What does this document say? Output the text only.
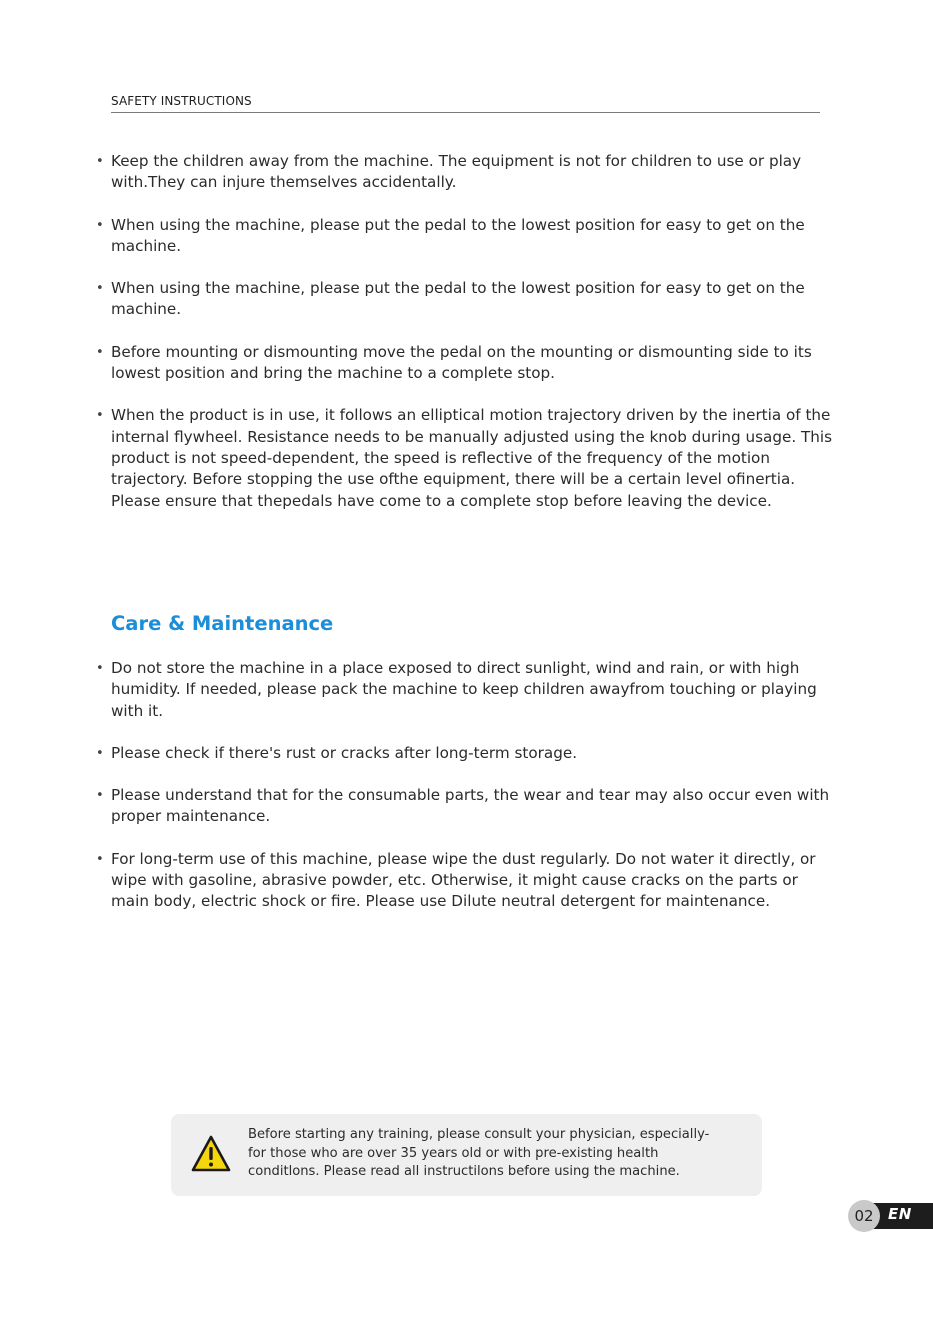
SAFETY INSTRUCTIONS
• Keep the children away from the machine. The equipment is not for children to use or play with.They can injure themselves accidentally.
• When using the machine, please put the pedal to the lowest position for easy to get on the machine.
• When using the machine, please put the pedal to the lowest position for easy to get on the machine.
• Before mounting or dismounting move the pedal on the mounting or dismounting side to its lowest position and bring the machine to a complete stop.
• When the product is in use, it follows an elliptical motion trajectory driven by the inertia of the internal flywheel. Resistance needs to be manually adjusted using the knob during usage. This product is not speed-dependent, the speed is reflective of the frequency of the motion trajectory. Before stopping the use ofthe equipment, there will be a certain level ofinertia. Please ensure that thepedals have come to a complete stop before leaving the device.
Care & Maintenance
• Do not store the machine in a place exposed to direct sunlight, wind and rain, or with high humidity. If needed, please pack the machine to keep children awayfrom touching or playing with it.
• Please check if there's rust or cracks after long-term storage.
• Please understand that for the consumable parts, the wear and tear may also occur even with proper maintenance.
• For long-term use of this machine, please wipe the dust regularly. Do not water it directly, or wipe with gasoline, abrasive powder, etc. Otherwise, it might cause cracks on the parts or main body, electric shock or fire. Please use Dilute neutral detergent for maintenance.
Before starting any training, please consult your physician, especially-
for those who are over 35 years old or with pre-existing health
conditlons. Please read all instructilons before using the machine.
02 EN
